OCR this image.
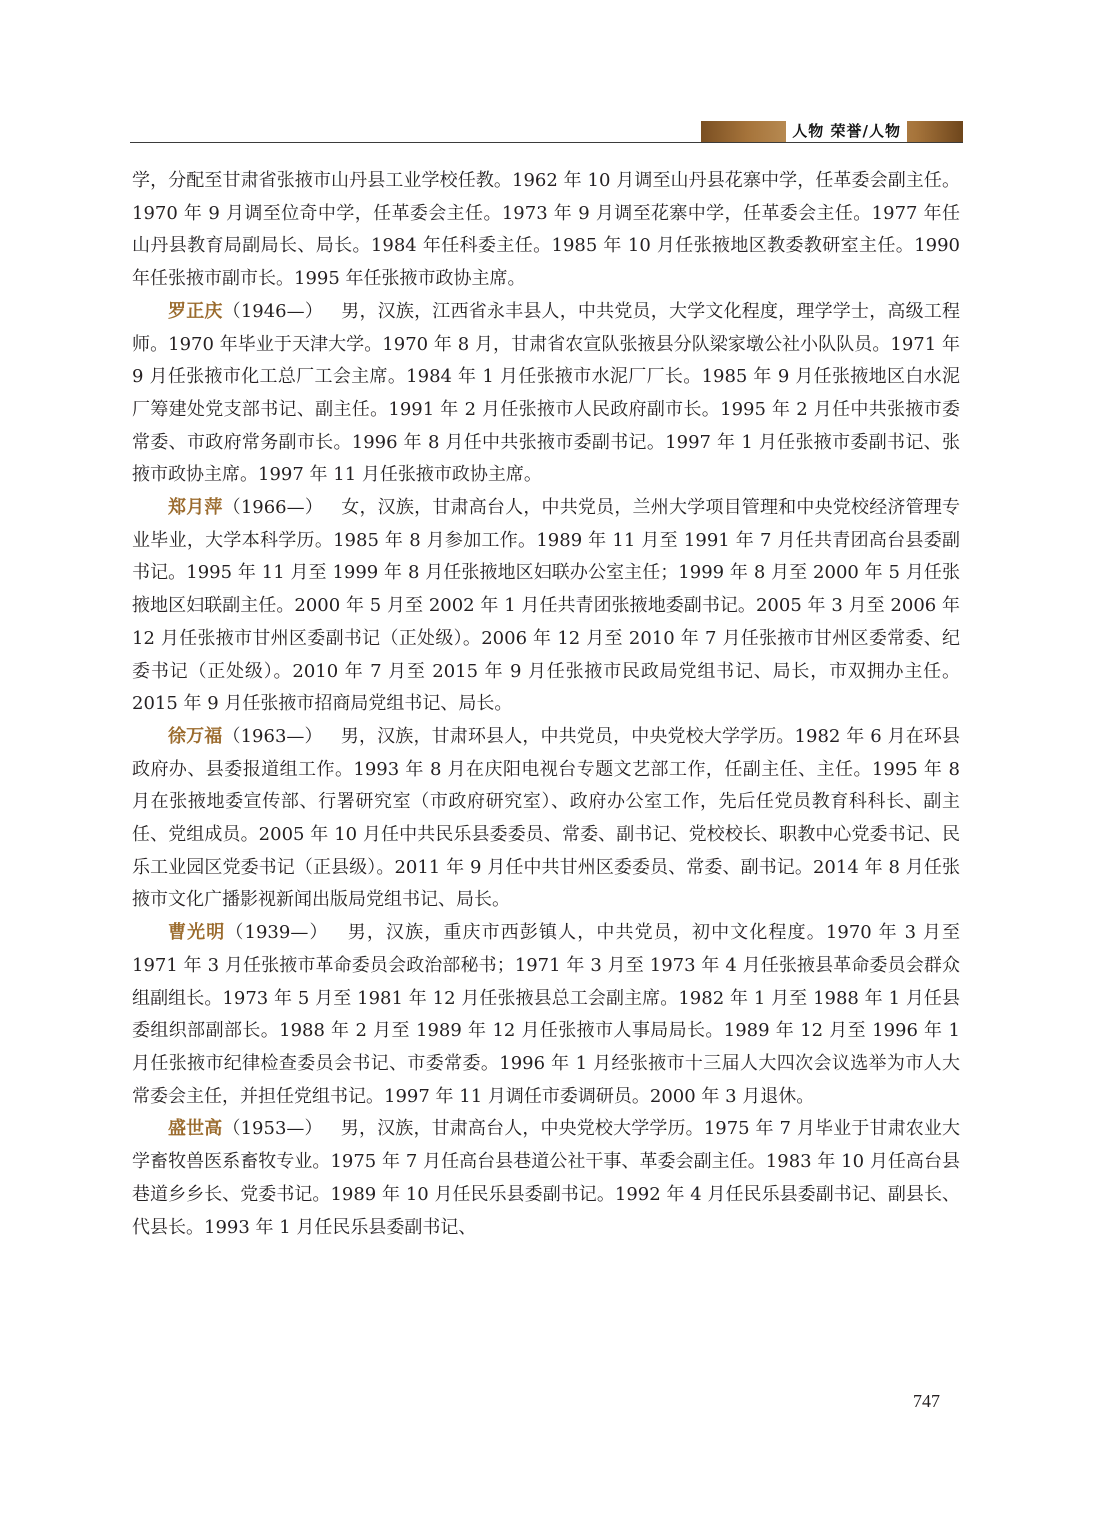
人物 荣誉/人物

学，分配至甘肃省张掖市山丹县工业学校任教。1962 年 10 月调至山丹县花寨中学，任革委会副主任。1970 年 9 月调至位奇中学，任革委会主任。1973 年 9 月调至花寨中学，任革委会主任。1977 年任山丹县教育局副局长、局长。1984 年任科委主任。1985 年 10 月任张掖地区教委教研室主任。1990 年任张掖市副市长。1995 年任张掖市政协主席。

罗正庆（1946—）  男，汉族，江西省永丰县人，中共党员，大学文化程度，理学学士，高级工程师。1970 年毕业于天津大学。1970 年 8 月，甘肃省农宣队张掖县分队梁家墩公社小队队员。1971 年 9 月任张掖市化工总厂工会主席。1984 年 1 月任张掖市水泥厂厂长。1985 年 9 月任张掖地区白水泥厂筹建处党支部书记、副主任。1991 年 2 月任张掖市人民政府副市长。1995 年 2 月任中共张掖市委常委、市政府常务副市长。1996 年 8 月任中共张掖市委副书记。1997 年 1 月任张掖市委副书记、张掖市政协主席。1997 年 11 月任张掖市政协主席。

郑月萍（1966—）  女，汉族，甘肃高台人，中共党员，兰州大学项目管理和中央党校经济管理专业毕业，大学本科学历。1985 年 8 月参加工作。1989 年 11 月至 1991 年 7 月任共青团高台县委副书记。1995 年 11 月至 1999 年 8 月任张掖地区妇联办公室主任；1999 年 8 月至 2000 年 5 月任张掖地区妇联副主任。2000 年 5 月至 2002 年 1 月任共青团张掖地委副书记。2005 年 3 月至 2006 年 12 月任张掖市甘州区委副书记（正处级）。2006 年 12 月至 2010 年 7 月任张掖市甘州区委常委、纪委书记（正处级）。2010 年 7 月至 2015 年 9 月任张掖市民政局党组书记、局长，市双拥办主任。2015 年 9 月任张掖市招商局党组书记、局长。

徐万福（1963—）  男，汉族，甘肃环县人，中共党员，中央党校大学学历。1982 年 6 月在环县政府办、县委报道组工作。1993 年 8 月在庆阳电视台专题文艺部工作，任副主任、主任。1995 年 8 月在张掖地委宣传部、行署研究室（市政府研究室）、政府办公室工作，先后任党员教育科科长、副主任、党组成员。2005 年 10 月任中共民乐县委委员、常委、副书记、党校校长、职教中心党委书记、民乐工业园区党委书记（正县级）。2011 年 9 月任中共甘州区委委员、常委、副书记。2014 年 8 月任张掖市文化广播影视新闻出版局党组书记、局长。

曹光明（1939—）  男，汉族，重庆市西彭镇人，中共党员，初中文化程度。1970 年 3 月至 1971 年 3 月任张掖市革命委员会政治部秘书；1971 年 3 月至 1973 年 4 月任张掖县革命委员会群众组副组长。1973 年 5 月至 1981 年 12 月任张掖县总工会副主席。1982 年 1 月至 1988 年 1 月任县委组织部副部长。1988 年 2 月至 1989 年 12 月任张掖市人事局局长。1989 年 12 月至 1996 年 1 月任张掖市纪律检查委员会书记、市委常委。1996 年 1 月经张掖市十三届人大四次会议选举为市人大常委会主任，并担任党组书记。1997 年 11 月调任市委调研员。2000 年 3 月退休。

盛世高（1953—）  男，汉族，甘肃高台人，中央党校大学学历。1975 年 7 月毕业于甘肃农业大学畜牧兽医系畜牧专业。1975 年 7 月任高台县巷道公社干事、革委会副主任。1983 年 10 月任高台县巷道乡乡长、党委书记。1989 年 10 月任民乐县委副书记。1992 年 4 月任民乐县委副书记、副县长、代县长。1993 年 1 月任民乐县委副书记、

747
